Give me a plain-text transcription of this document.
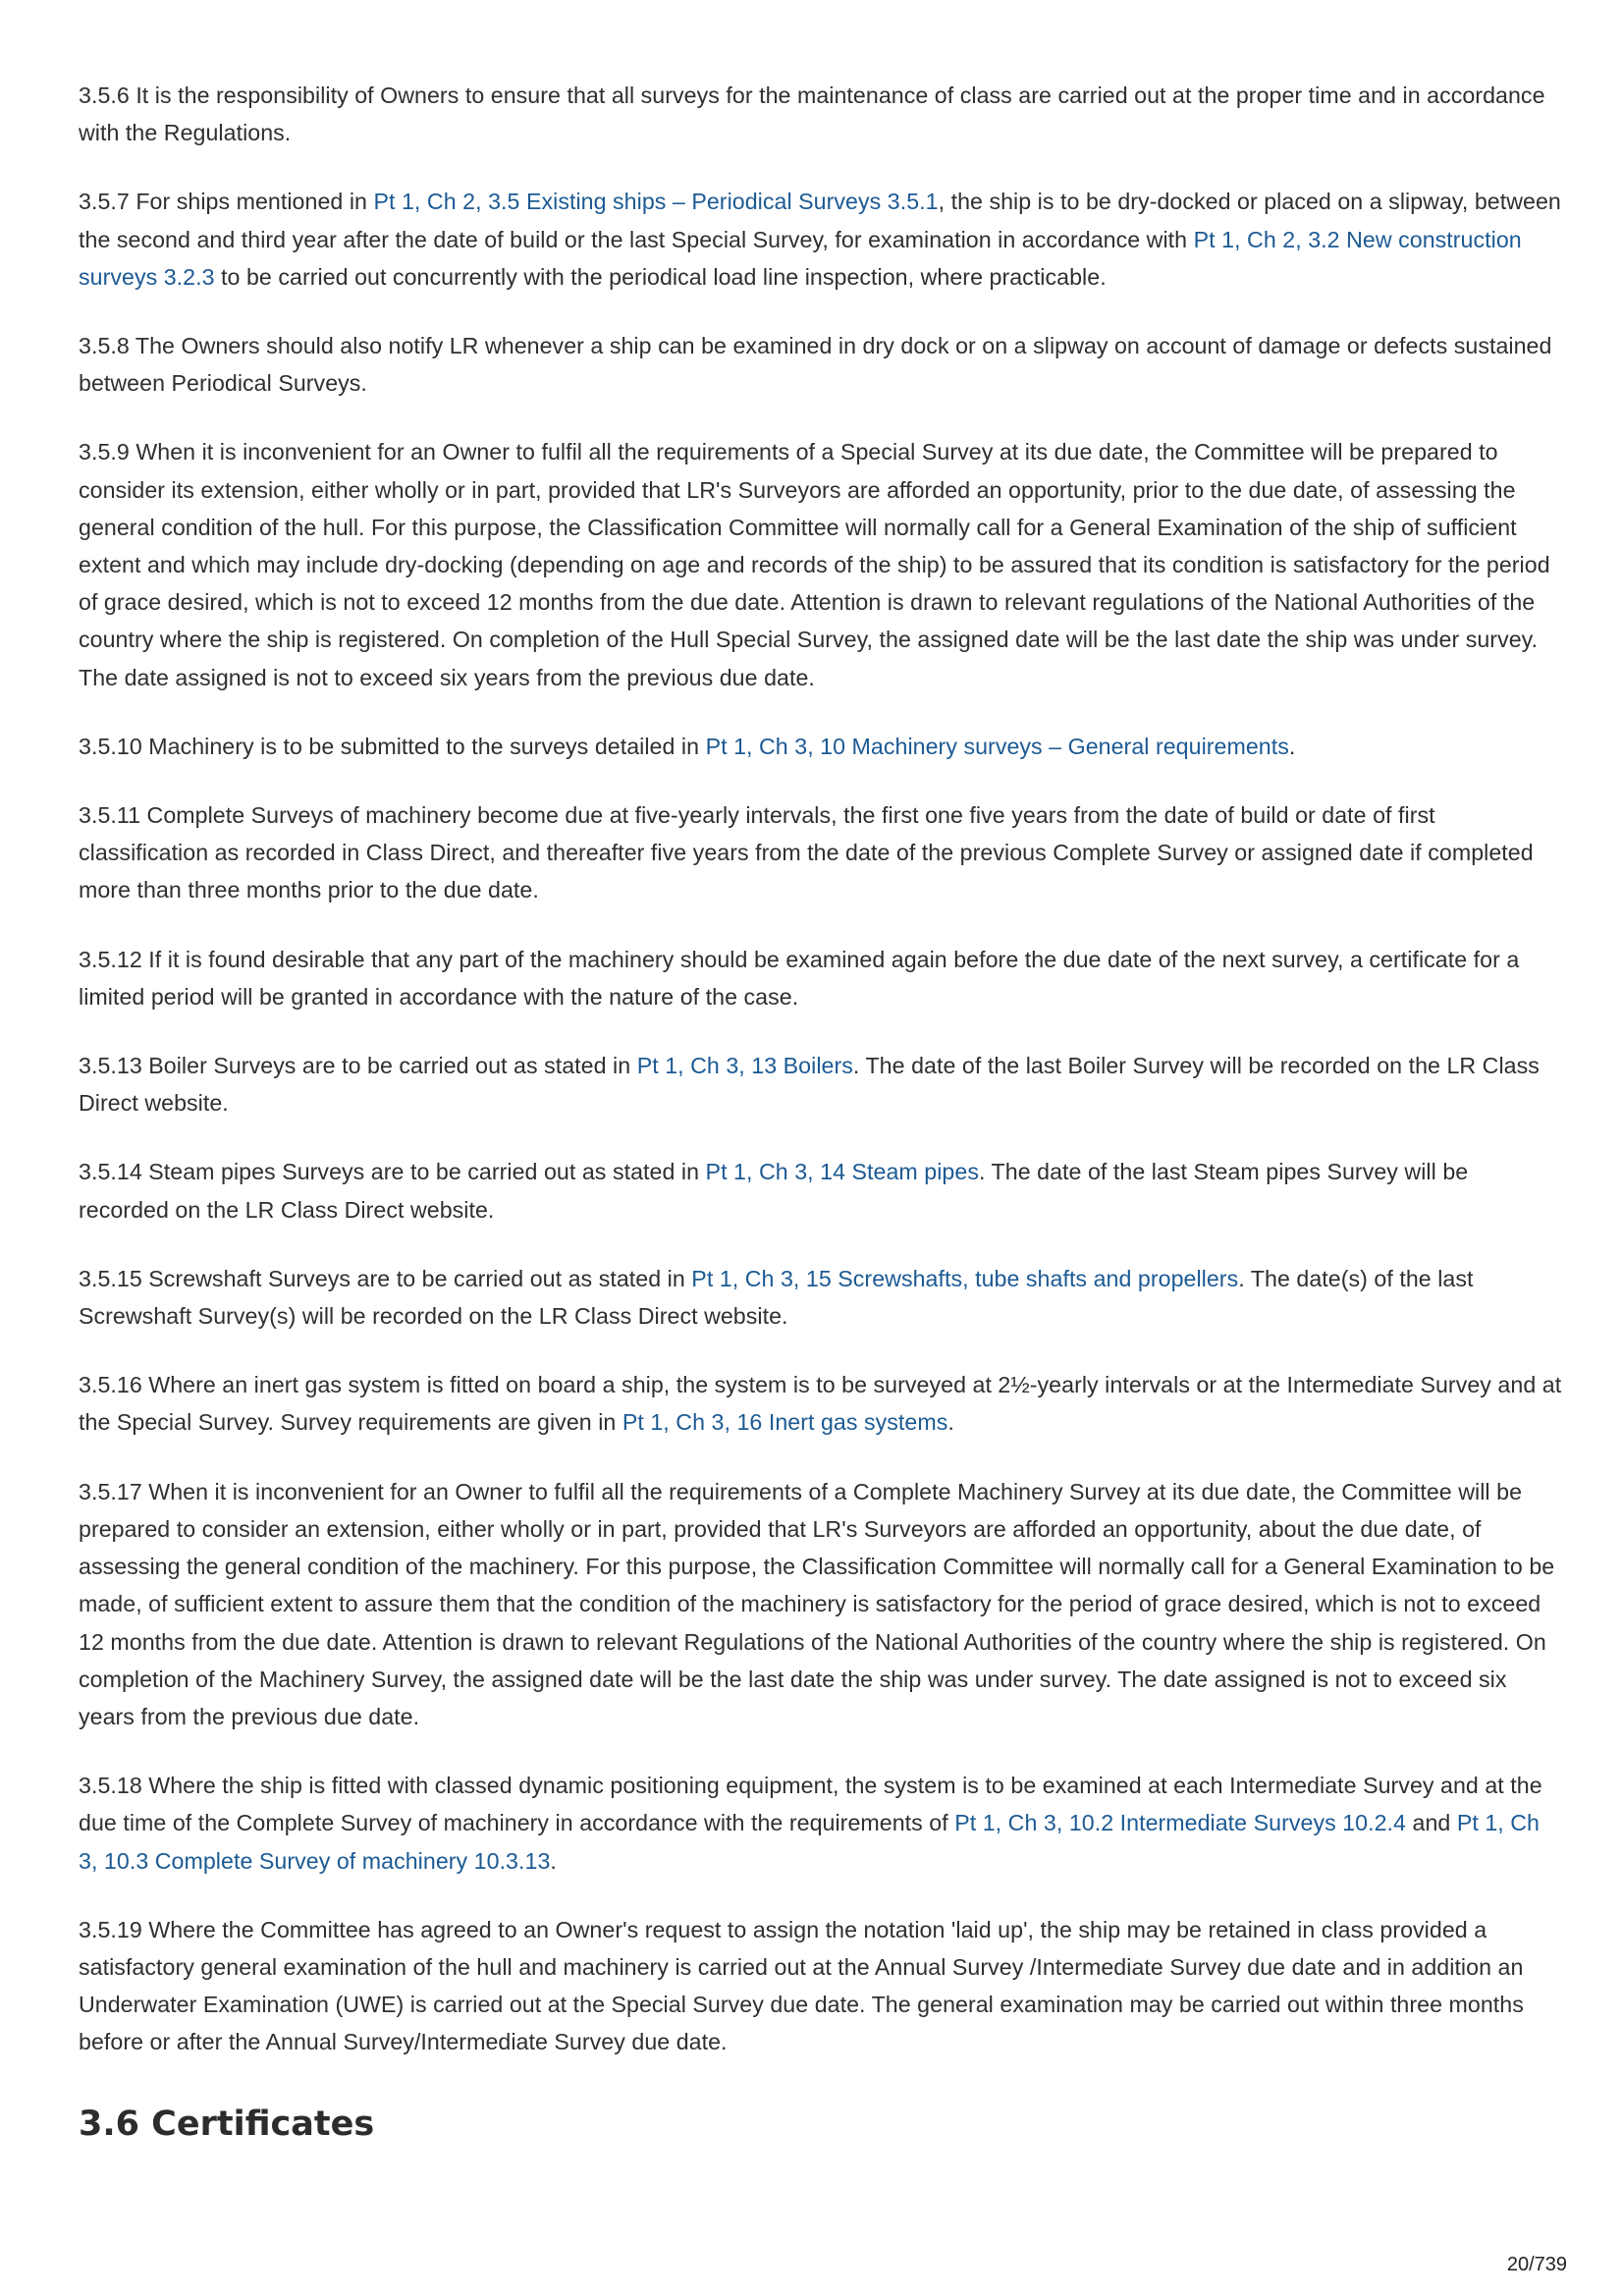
3.5.6 It is the responsibility of Owners to ensure that all surveys for the maintenance of class are carried out at the proper time and in accordance with the Regulations.

3.5.7 For ships mentioned in Pt 1, Ch 2, 3.5 Existing ships – Periodical Surveys 3.5.1, the ship is to be dry-docked or placed on a slipway, between the second and third year after the date of build or the last Special Survey, for examination in accordance with Pt 1, Ch 2, 3.2 New construction surveys 3.2.3 to be carried out concurrently with the periodical load line inspection, where practicable.

3.5.8 The Owners should also notify LR whenever a ship can be examined in dry dock or on a slipway on account of damage or defects sustained between Periodical Surveys.

3.5.9 When it is inconvenient for an Owner to fulfil all the requirements of a Special Survey at its due date, the Committee will be prepared to consider its extension, either wholly or in part, provided that LR's Surveyors are afforded an opportunity, prior to the due date, of assessing the general condition of the hull. For this purpose, the Classification Committee will normally call for a General Examination of the ship of sufficient extent and which may include dry-docking (depending on age and records of the ship) to be assured that its condition is satisfactory for the period of grace desired, which is not to exceed 12 months from the due date. Attention is drawn to relevant regulations of the National Authorities of the country where the ship is registered. On completion of the Hull Special Survey, the assigned date will be the last date the ship was under survey. The date assigned is not to exceed six years from the previous due date.

3.5.10 Machinery is to be submitted to the surveys detailed in Pt 1, Ch 3, 10 Machinery surveys – General requirements.

3.5.11 Complete Surveys of machinery become due at five-yearly intervals, the first one five years from the date of build or date of first classification as recorded in Class Direct, and thereafter five years from the date of the previous Complete Survey or assigned date if completed more than three months prior to the due date.

3.5.12 If it is found desirable that any part of the machinery should be examined again before the due date of the next survey, a certificate for a limited period will be granted in accordance with the nature of the case.

3.5.13 Boiler Surveys are to be carried out as stated in Pt 1, Ch 3, 13 Boilers. The date of the last Boiler Survey will be recorded on the LR Class Direct website.

3.5.14 Steam pipes Surveys are to be carried out as stated in Pt 1, Ch 3, 14 Steam pipes. The date of the last Steam pipes Survey will be recorded on the LR Class Direct website.

3.5.15 Screwshaft Surveys are to be carried out as stated in Pt 1, Ch 3, 15 Screwshafts, tube shafts and propellers. The date(s) of the last Screwshaft Survey(s) will be recorded on the LR Class Direct website.

3.5.16 Where an inert gas system is fitted on board a ship, the system is to be surveyed at 2½-yearly intervals or at the Intermediate Survey and at the Special Survey. Survey requirements are given in Pt 1, Ch 3, 16 Inert gas systems.

3.5.17 When it is inconvenient for an Owner to fulfil all the requirements of a Complete Machinery Survey at its due date, the Committee will be prepared to consider an extension, either wholly or in part, provided that LR's Surveyors are afforded an opportunity, about the due date, of assessing the general condition of the machinery. For this purpose, the Classification Committee will normally call for a General Examination to be made, of sufficient extent to assure them that the condition of the machinery is satisfactory for the period of grace desired, which is not to exceed 12 months from the due date. Attention is drawn to relevant Regulations of the National Authorities of the country where the ship is registered. On completion of the Machinery Survey, the assigned date will be the last date the ship was under survey. The date assigned is not to exceed six years from the previous due date.

3.5.18 Where the ship is fitted with classed dynamic positioning equipment, the system is to be examined at each Intermediate Survey and at the due time of the Complete Survey of machinery in accordance with the requirements of Pt 1, Ch 3, 10.2 Intermediate Surveys 10.2.4 and Pt 1, Ch 3, 10.3 Complete Survey of machinery 10.3.13.

3.5.19 Where the Committee has agreed to an Owner's request to assign the notation 'laid up', the ship may be retained in class provided a satisfactory general examination of the hull and machinery is carried out at the Annual Survey /Intermediate Survey due date and in addition an Underwater Examination (UWE) is carried out at the Special Survey due date. The general examination may be carried out within three months before or after the Annual Survey/Intermediate Survey due date.

3.6 Certificates
20/739
